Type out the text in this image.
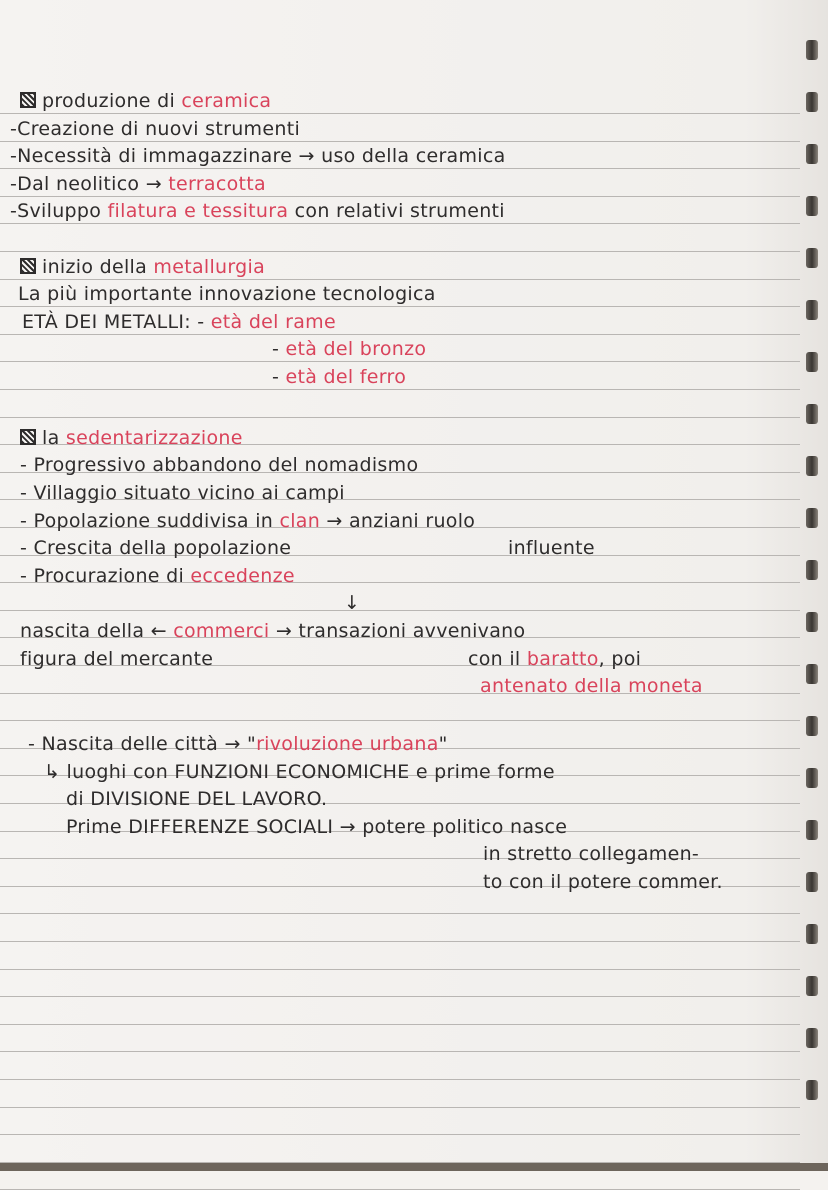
produzione di ceramica
-Creazione di nuovi strumenti
-Necessità di immagazzinare → uso della ceramica
-Dal neolitico → terracotta
-Sviluppo filatura e tessitura con relativi strumenti
inizio della metallurgia
La più importante innovazione tecnologica
ETÀ DEI METALLI: - età del rame
- età del bronzo
- età del ferro
la sedentarizzazione
- Progressivo abbandono del nomadismo
- Villaggio situato vicino ai campi
- Popolazione suddivisa in clan → anziani ruolo
- Crescita della popolazione	influente
- Procurazione di eccedenze
↓
nascita della ← commerci → transazioni avvenivano
figura del mercante	con il baratto, poi
antenato della moneta
- Nascita delle città → "rivoluzione urbana"
↳ luoghi con FUNZIONI ECONOMICHE e prime forme
di DIVISIONE DEL LAVORO.
Prime DIFFERENZE SOCIALI → potere politico nasce
in stretto collegamen-
to con il potere commer.
